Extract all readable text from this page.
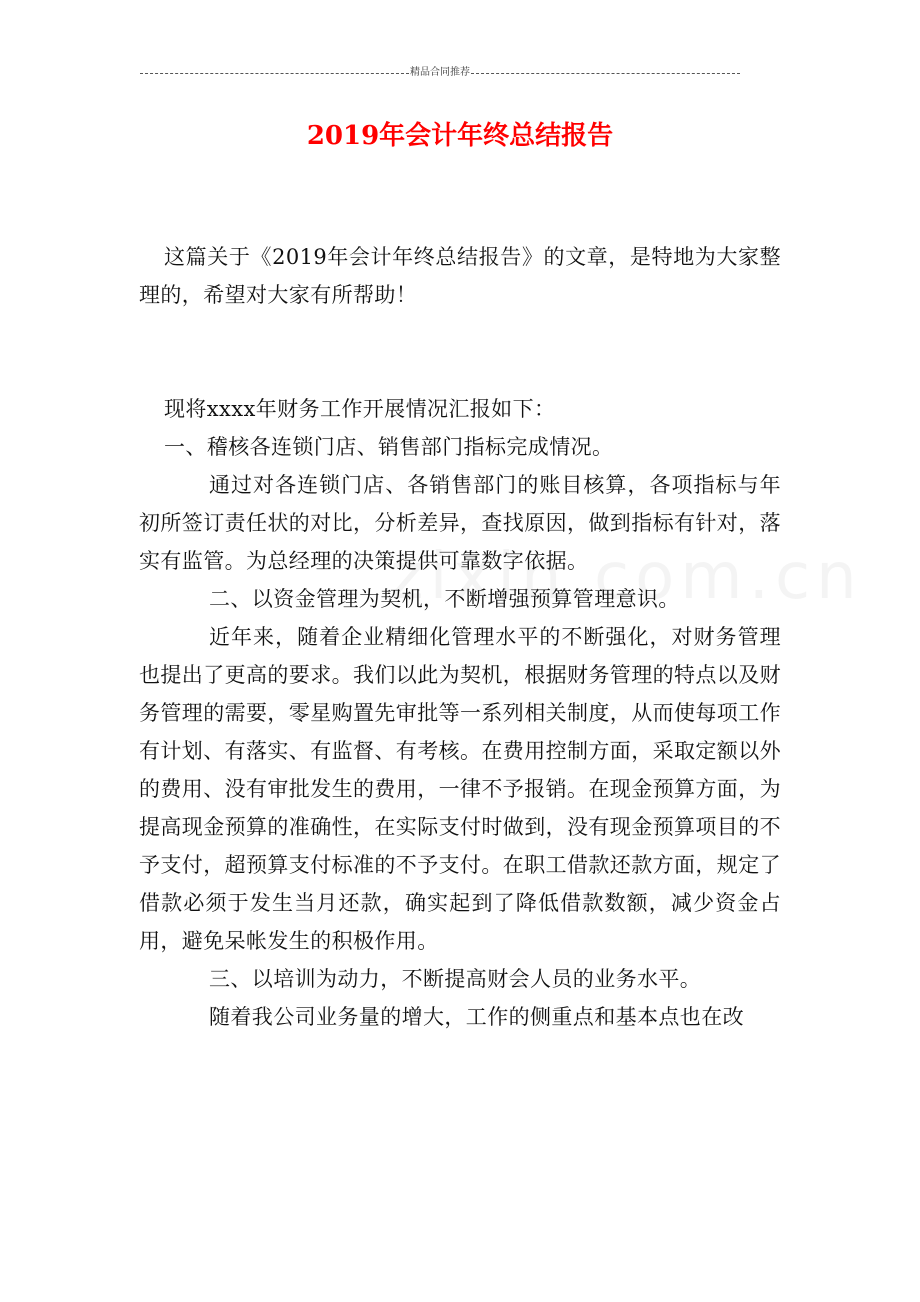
精品合同推荐
2019年会计年终总结报告

这篇关于《2019年会计年终总结报告》的文章，是特地为大家整理的，希望对大家有所帮助！

现将xxxx年财务工作开展情况汇报如下：

一、稽核各连锁门店、销售部门指标完成情况。

通过对各连锁门店、各销售部门的账目核算，各项指标与年初所签订责任状的对比，分析差异，查找原因，做到指标有针对，落实有监管。为总经理的决策提供可靠数字依据。

二、以资金管理为契机，不断增强预算管理意识。

近年来，随着企业精细化管理水平的不断强化，对财务管理也提出了更高的要求。我们以此为契机，根据财务管理的特点以及财务管理的需要，零星购置先审批等一系列相关制度，从而使每项工作有计划、有落实、有监督、有考核。在费用控制方面，采取定额以外的费用、没有审批发生的费用，一律不予报销。在现金预算方面，为提高现金预算的准确性，在实际支付时做到，没有现金预算项目的不予支付，超预算支付标准的不予支付。在职工借款还款方面，规定了借款必须于发生当月还款，确实起到了降低借款数额，减少资金占用，避免呆帐发生的积极作用。

三、以培训为动力，不断提高财会人员的业务水平。

随着我公司业务量的增大，工作的侧重点和基本点也在改
